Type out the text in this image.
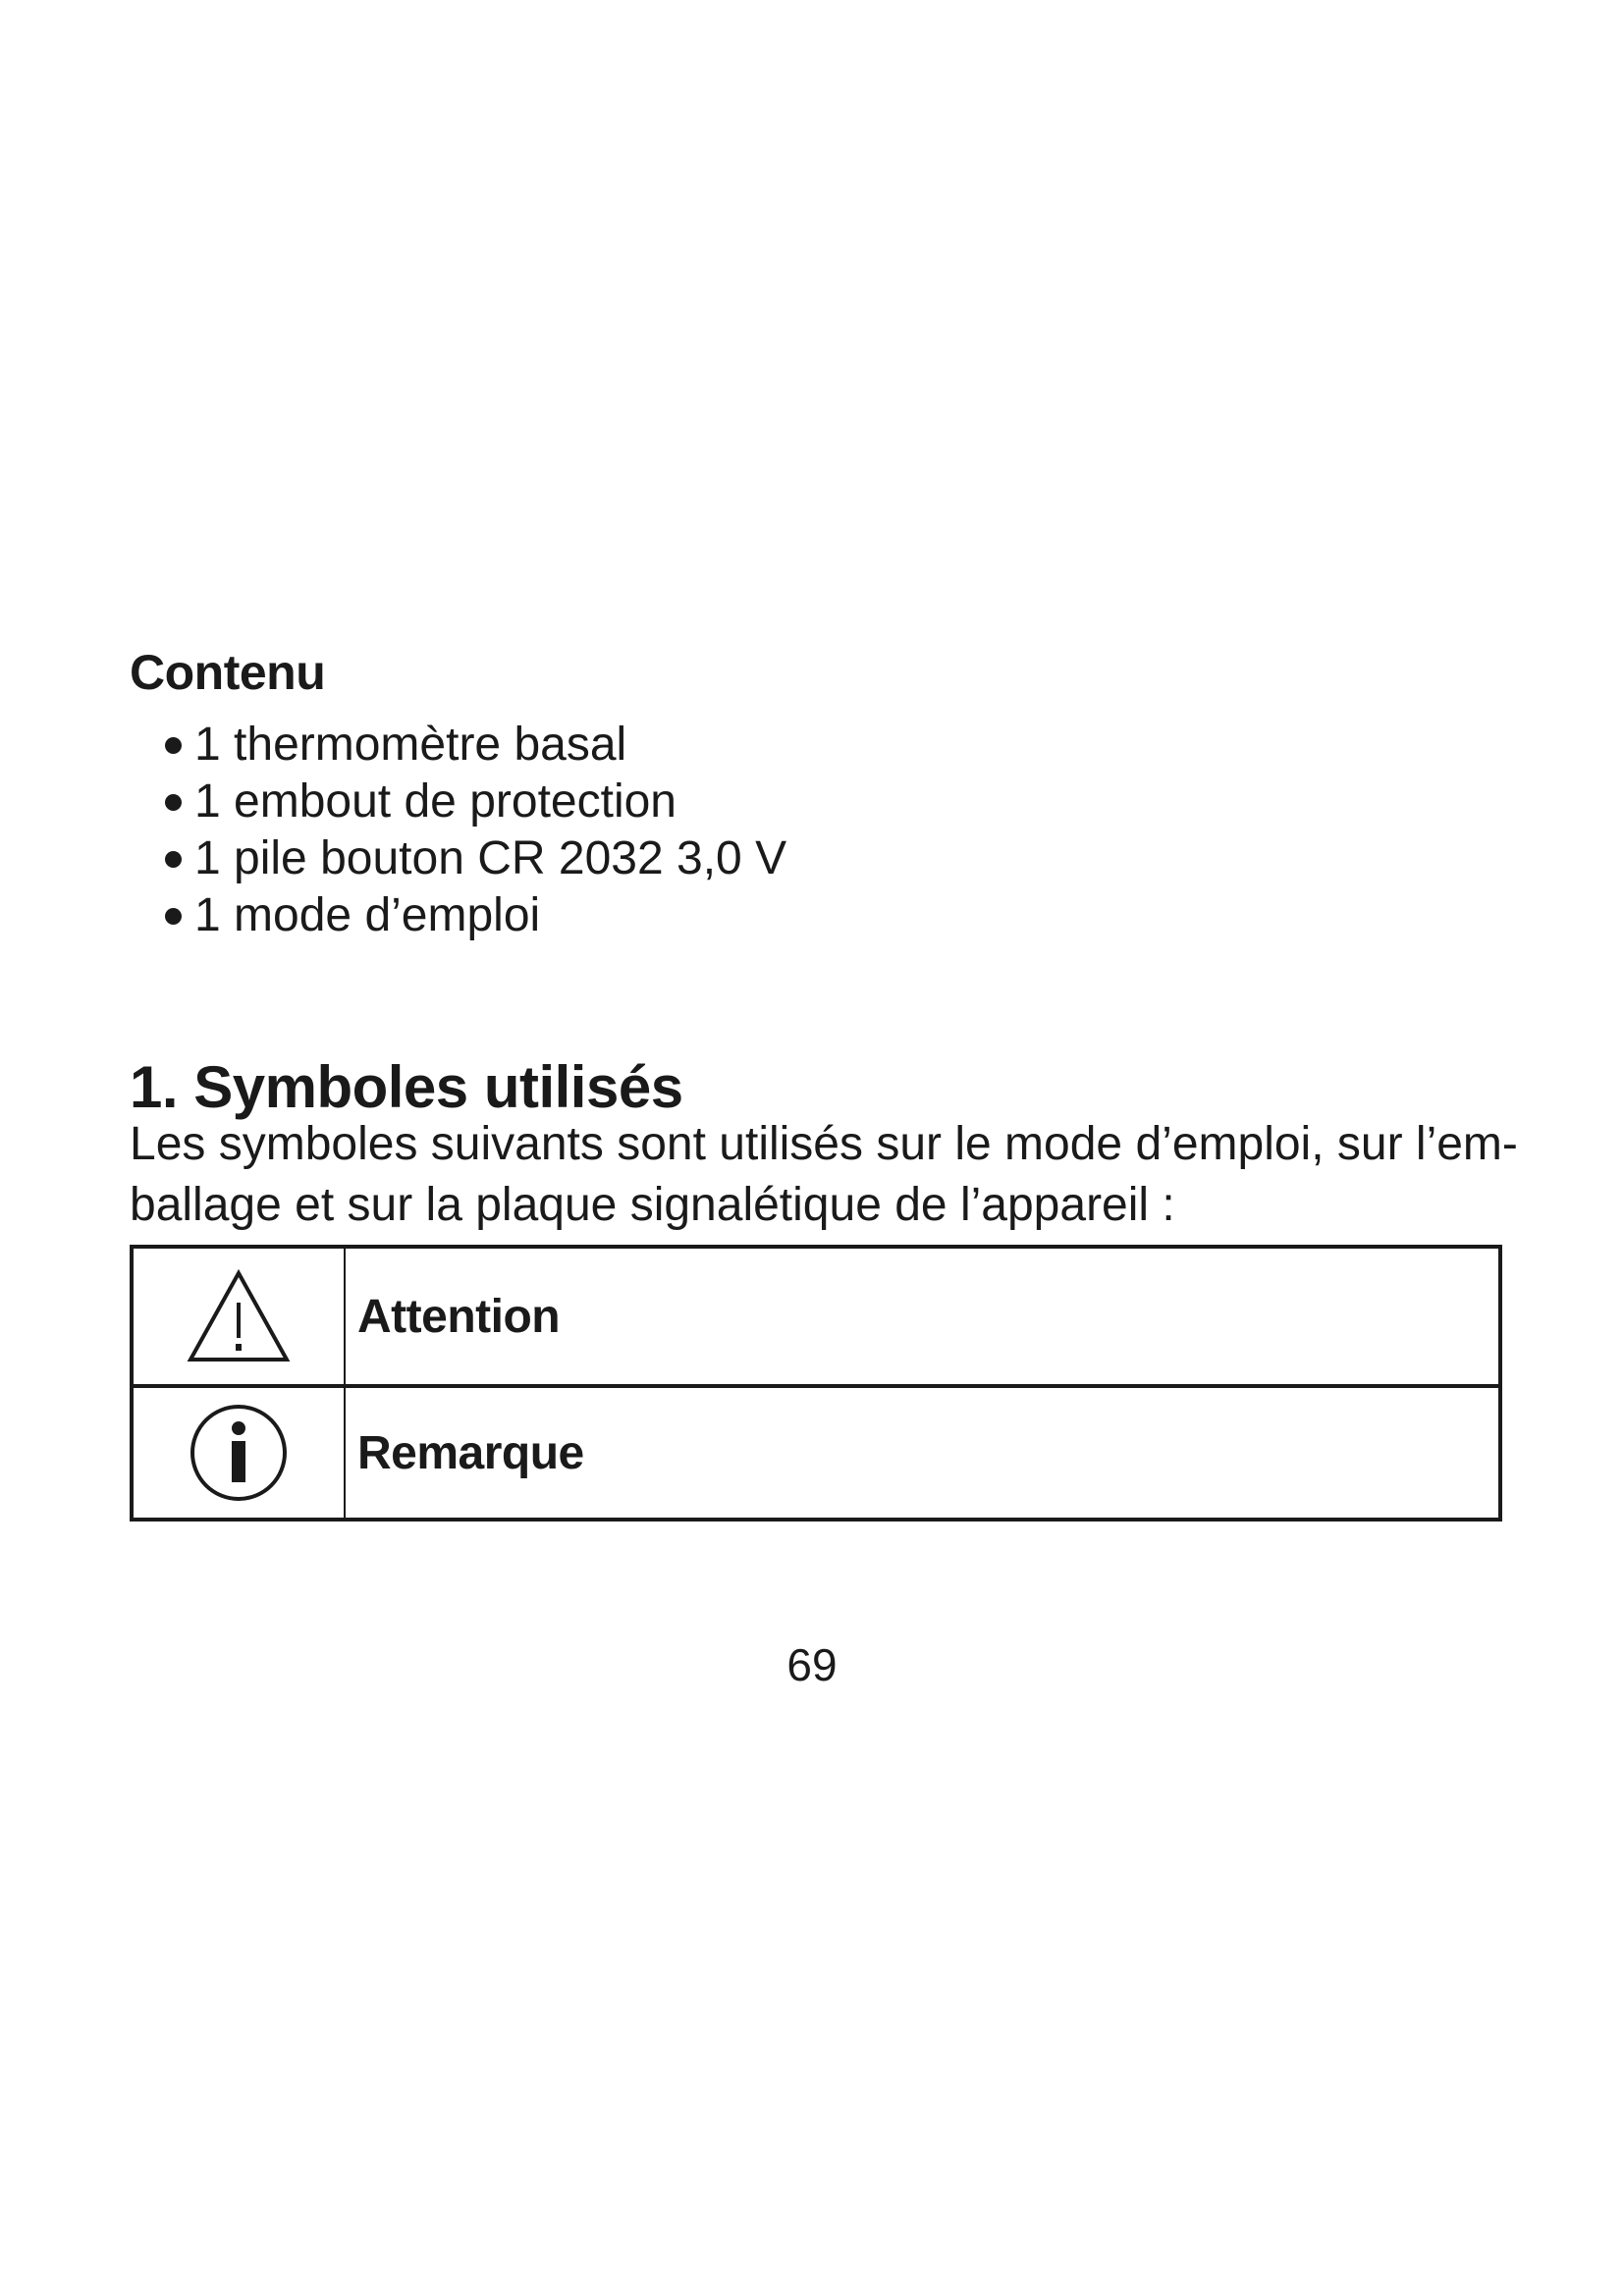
Contenu
1 thermomètre basal
1 embout de protection
1 pile bouton CR 2032 3,0 V
1 mode d’emploi
1. Symboles utilisés

Les symboles suivants sont utilisés sur le mode d’emploi, sur l’em-
ballage et sur la plaque signalétique de l’appareil :

	Attention

	Remarque

69
